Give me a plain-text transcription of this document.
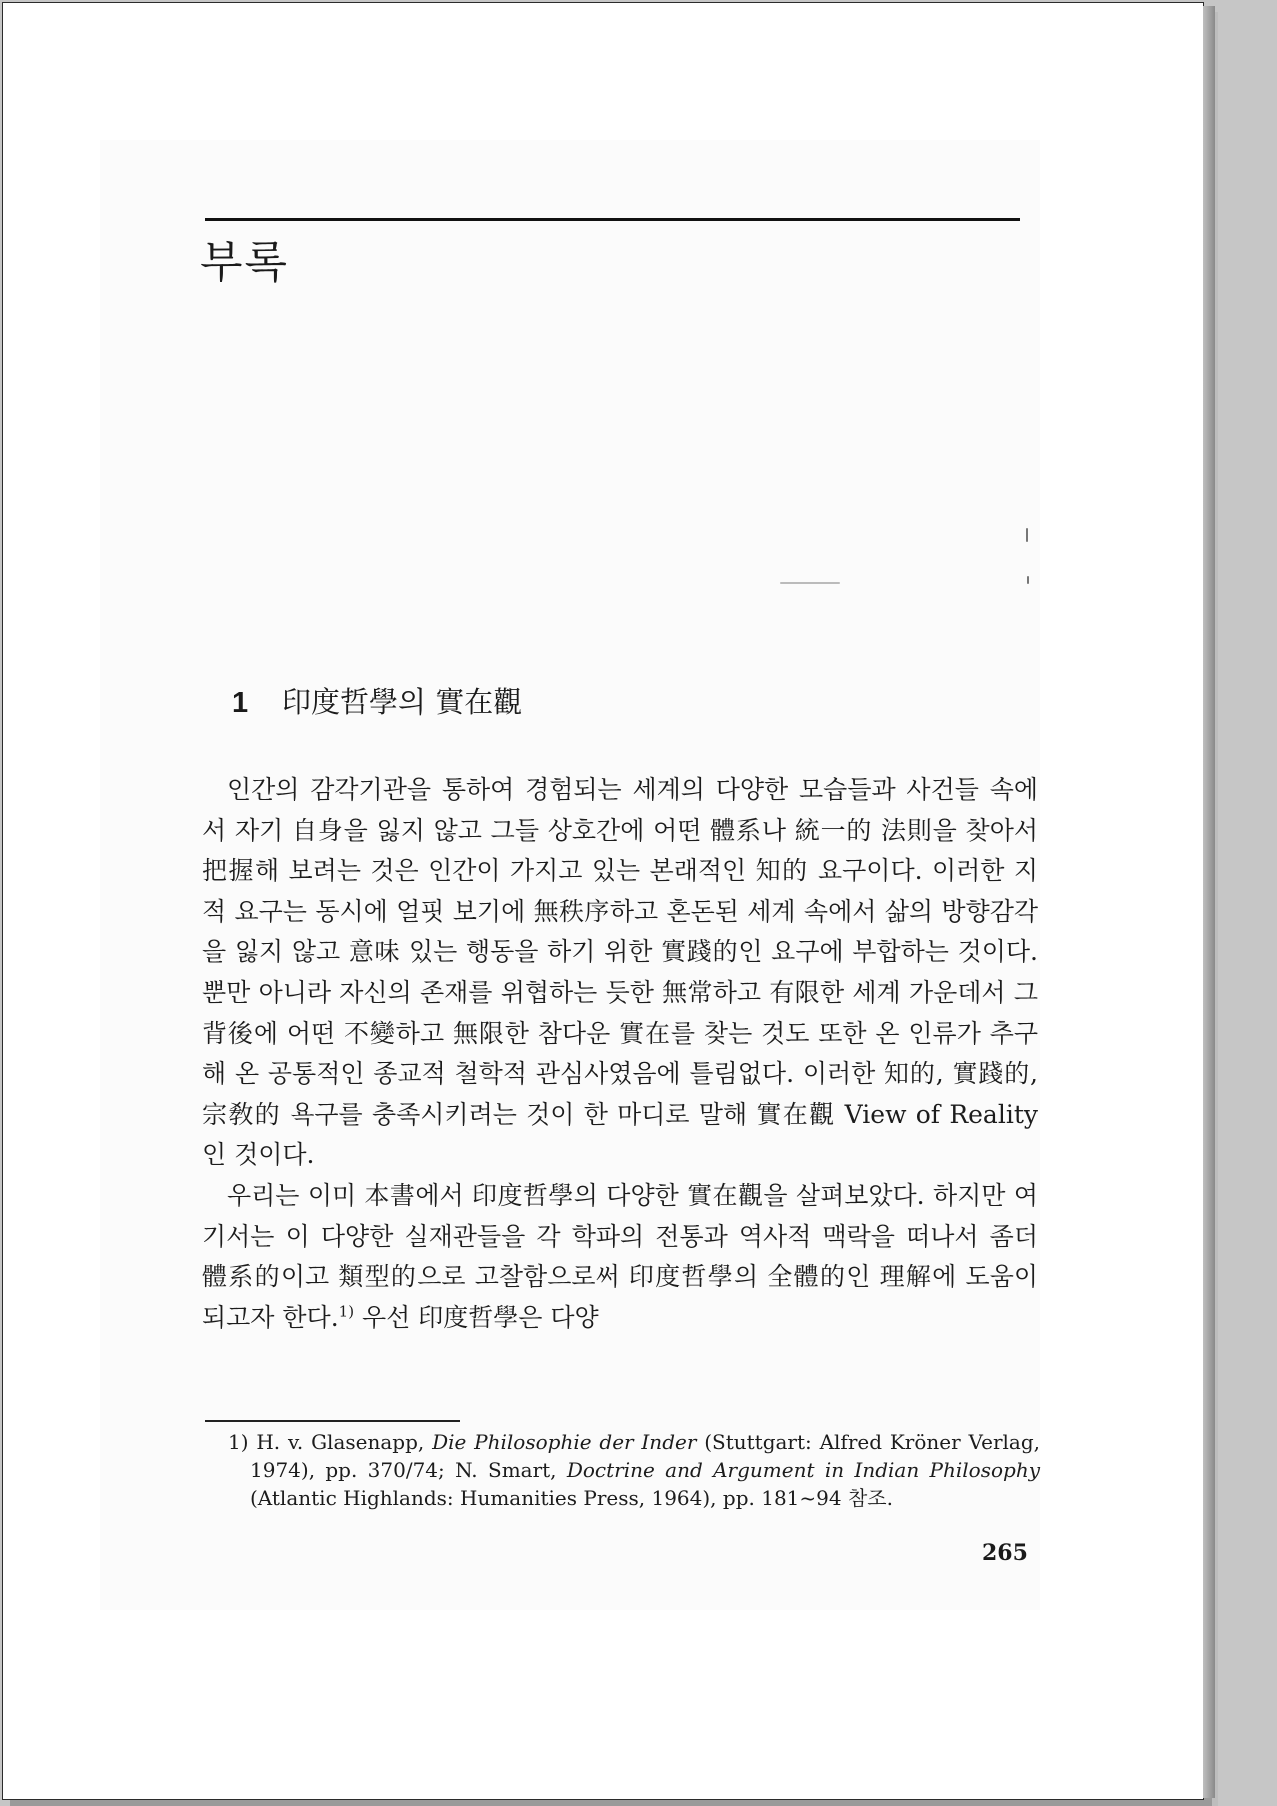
부록
1 印度哲學의 實在觀

인간의 감각기관을 통하여 경험되는 세계의 다양한 모습들과 사건들 속에서 자기 自身을 잃지 않고 그들 상호간에 어떤 體系나 統一的 法則을 찾아서 把握해 보려는 것은 인간이 가지고 있는 본래적인 知的 요구이다. 이러한 지적 요구는 동시에 얼핏 보기에 無秩序하고 혼돈된 세계 속에서 삶의 방향감각을 잃지 않고 意味 있는 행동을 하기 위한 實踐的인 요구에 부합하는 것이다. 뿐만 아니라 자신의 존재를 위협하는 듯한 無常하고 有限한 세계 가운데서 그 背後에 어떤 不變하고 無限한 참다운 實在를 찾는 것도 또한 온 인류가 추구해 온 공통적인 종교적 철학적 관심사였음에 틀림없다. 이러한 知的, 實踐的, 宗敎的 욕구를 충족시키려는 것이 한 마디로 말해 實在觀 View of Reality인 것이다.

우리는 이미 本書에서 印度哲學의 다양한 實在觀을 살펴보았다. 하지만 여기서는 이 다양한 실재관들을 각 학파의 전통과 역사적 맥락을 떠나서 좀더 體系的이고 類型的으로 고찰함으로써 印度哲學의 全體的인 理解에 도움이 되고자 한다.$^{1)}$ 우선 印度哲學은 다양

1) H. v. Glasenapp, Die Philosophie der Inder (Stuttgart: Alfred Kröner Verlag, 1974), pp. 370/74; N. Smart, Doctrine and Argument in Indian Philosophy (Atlantic Highlands: Humanities Press, 1964), pp. 181~94 참조.
265
